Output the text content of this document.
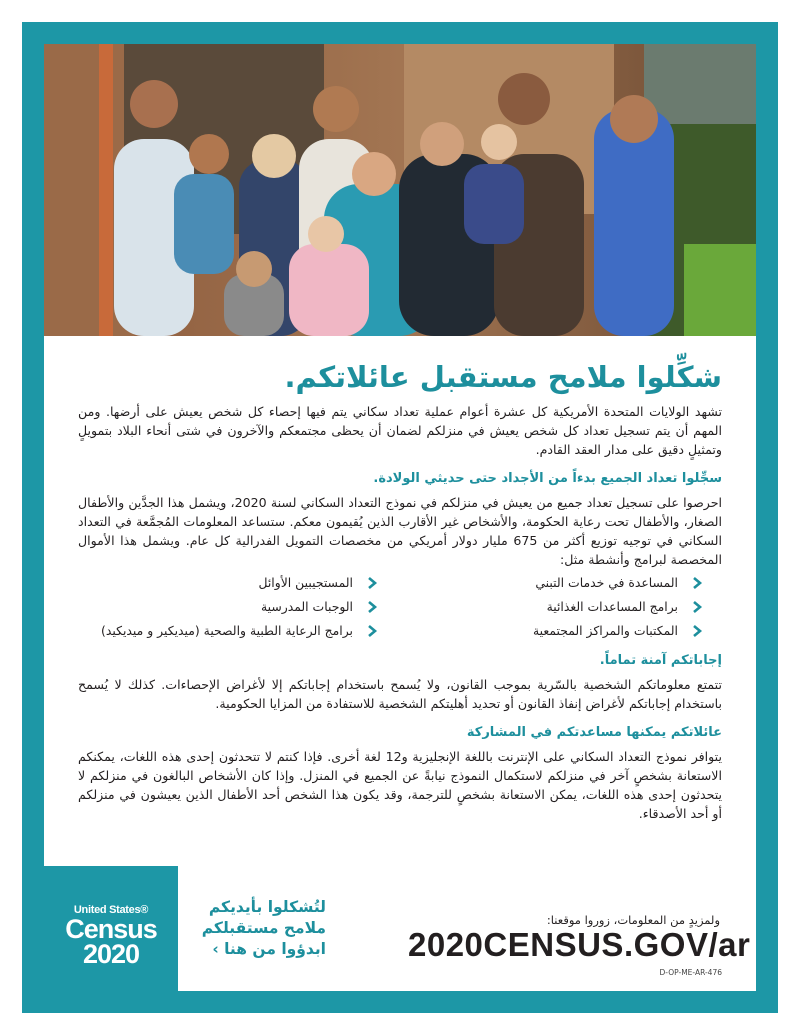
شكِّلوا ملامح مستقبل عائلاتكم.

تشهد الولايات المتحدة الأمريكية كل عشرة أعوام عملية تعداد سكاني يتم فيها إحصاء كل شخص يعيش على أرضها. ومن المهم أن يتم تسجيل تعداد كل شخص يعيش في منزلكم لضمان أن يحظى مجتمعكم والآخرون في شتى أنحاء البلاد بتمويلٍ وتمثيلٍ دقيق على مدار العقد القادم.

سجِّلوا تعداد الجميع بدءاً من الأجداد حتى حديثي الولادة.

احرصوا على تسجيل تعداد جميع من يعيش في منزلكم في نموذج التعداد السكاني لسنة 2020، ويشمل هذا الجدَّين والأطفال الصغار، والأطفال تحت رعاية الحكومة، والأشخاص غير الأقارب الذين يُقيمون معكم. ستساعد المعلومات المُجمَّعة في التعداد السكاني في توجيه توزيع أكثر من 675 مليار دولار أمريكي من مخصصات التمويل الفدرالية كل عام. ويشمل هذا الأموال المخصصة لبرامج وأنشطة مثل:

المساعدة في خدمات التبني
المستجيبين الأوائل
برامج المساعدات الغذائية
الوجبات المدرسية
المكتبات والمراكز المجتمعية
برامج الرعاية الطبية والصحية (ميديكير و ميديكيد)
إجاباتكم آمنة تماماً.

تتمتع معلوماتكم الشخصية بالسّرية بموجب القانون، ولا يُسمح باستخدام إجاباتكم إلا لأغراض الإحصاءات. كذلك لا يُسمح باستخدام إجاباتكم لأغراض إنفاذ القانون أو تحديد أهليتكم الشخصية للاستفادة من المزايا الحكومية.

عائلاتكم يمكنها مساعدتكم في المشاركة

يتوافر نموذج التعداد السكاني على الإنترنت باللغة الإنجليزية و12 لغة أخرى. فإذا كنتم لا تتحدثون إحدى هذه اللغات، يمكنكم الاستعانة بشخصٍ آخر في منزلكم لاستكمال النموذج نيابةً عن الجميع في المنزل. وإذا كان الأشخاص البالغون في منزلكم لا يتحدثون إحدى هذه اللغات، يمكن الاستعانة بشخصٍ للترجمة، وقد يكون هذا الشخص أحد الأطفال الذين يعيشون في منزلكم أو أحد الأصدقاء.

United States®
Census
2020
لتُشكلوا بأيديكم
ملامح مستقبلكم
ابدؤوا من هنا ›
ولمزيدٍ من المعلومات، زوروا موقعنا:
2020CENSUS.GOV/ar
D-OP-ME-AR-476
